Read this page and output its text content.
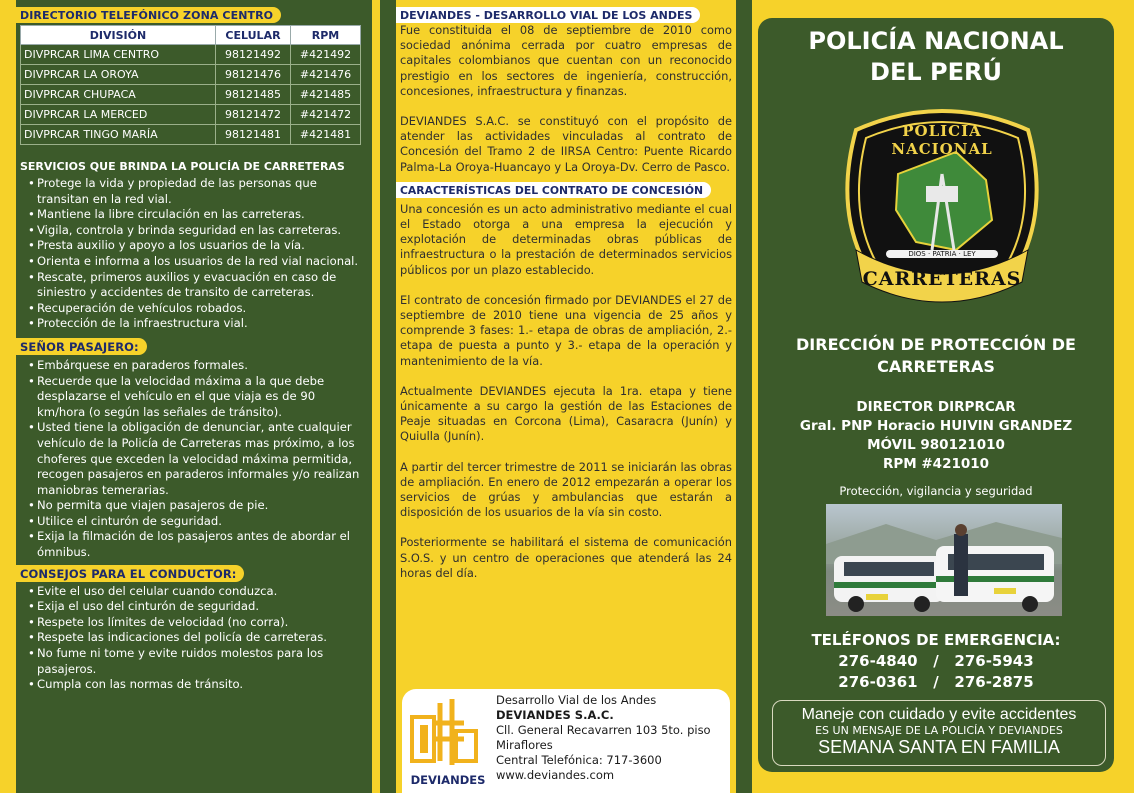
DIRECTORIO TELEFÓNICO ZONA CENTRO
DIVISIÓN	CELULAR	RPM
DIVPRCAR LIMA CENTRO	98121492	#421492
DIVPRCAR LA OROYA	98121476	#421476
DIVPRCAR CHUPACA	98121485	#421485
DIVPRCAR LA MERCED	98121472	#421472
DIVPRCAR TINGO MARÍA	98121481	#421481
SERVICIOS QUE BRINDA LA POLICÍA DE CARRETERAS
• Protege la vida y propiedad de las personas que transitan en la red vial.
• Mantiene la libre circulación en las carreteras.
• Vigila, controla y brinda seguridad en las carreteras.
• Presta auxilio y apoyo a los usuarios de la vía.
• Orienta e informa a los usuarios de la red vial nacional.
• Rescate, primeros auxilios y evacuación en caso de siniestro y accidentes de transito de carreteras.
• Recuperación de vehículos robados.
• Protección de la infraestructura vial.
SEÑOR PASAJERO:
• Embárquese en paraderos formales.
• Recuerde que la velocidad máxima a la que debe desplazarse el vehículo en el que viaja es de 90 km/hora (o según las señales de tránsito).
• Usted tiene la obligación de denunciar, ante cualquier vehículo de la Policía de Carreteras mas próximo, a los choferes que exceden la velocidad máxima permitida, recogen pasajeros en paraderos informales y/o realizan maniobras temerarias.
• No permita que viajen pasajeros de pie.
• Utilice el cinturón de seguridad.
• Exija la filmación de los pasajeros antes de abordar el ómnibus.
CONSEJOS PARA EL CONDUCTOR:
• Evite el uso del celular cuando conduzca.
• Exija el uso del cinturón de seguridad.
• Respete los límites de velocidad (no corra).
• Respete las indicaciones del policía de carreteras.
• No fume ni tome y evite ruidos molestos para los pasajeros.
• Cumpla con las normas de tránsito.
DEVIANDES - DESARROLLO VIAL DE LOS ANDES

Fue constituida el 08 de septiembre de 2010 como sociedad anónima cerrada por cuatro empresas de capitales colombianos que cuentan con un reconocido prestigio en los sectores de ingeniería, construcción, concesiones, infraestructura y finanzas.

DEVIANDES S.A.C. se constituyó con el propósito de atender las actividades vinculadas al contrato de Concesión del Tramo 2 de IIRSA Centro: Puente Ricardo Palma-La Oroya-Huancayo y La Oroya-Dv. Cerro de Pasco.

CARACTERÍSTICAS DEL CONTRATO DE CONCESIÓN

Una concesión es un acto administrativo mediante el cual el Estado otorga a una empresa la ejecución y explotación de determinadas obras públicas de infraestructura o la prestación de determinados servicios públicos por un plazo establecido.

El contrato de concesión firmado por DEVIANDES el 27 de septiembre de 2010 tiene una vigencia de 25 años y comprende 3 fases: 1.- etapa de obras de ampliación, 2.- etapa de puesta a punto y 3.- etapa de la operación y mantenimiento de la vía.

Actualmente DEVIANDES ejecuta la 1ra. etapa y tiene únicamente a su cargo la gestión de las Estaciones de Peaje situadas en Corcona (Lima), Casaracra (Junín) y Quiulla (Junín).

A partir del tercer trimestre de 2011 se iniciarán las obras de ampliación. En enero de 2012 empezarán a operar los servicios de grúas y ambulancias que estarán a disposición de los usuarios de la vía sin costo.

Posteriormente se habilitará el sistema de comunicación S.O.S. y un centro de operaciones que atenderá las 24 horas del día.

DEVIANDES
Desarrollo Vial de los Andes
DEVIANDES S.A.C.
Cll. General Recavarren 103 5to. piso
Miraflores
Central Telefónica: 717-3600
www.deviandes.com
POLICÍA NACIONAL
DEL PERÚ
POLICIA NACIONAL
DIOS · PATRIA · LEY
CARRETERAS
DIRECCIÓN DE PROTECCIÓN DE
CARRETERAS
DIRECTOR DIRPRCAR
Gral. PNP Horacio HUIVIN GRANDEZ
MÓVIL 980121010
RPM #421010
Protección, vigilancia y seguridad
TELÉFONOS DE EMERGENCIA:
276-4840   /   276-5943
276-0361   /   276-2875
Maneje con cuidado y evite accidentes
ES UN MENSAJE DE LA POLICÍA Y DEVIANDES
SEMANA SANTA EN FAMILIA
